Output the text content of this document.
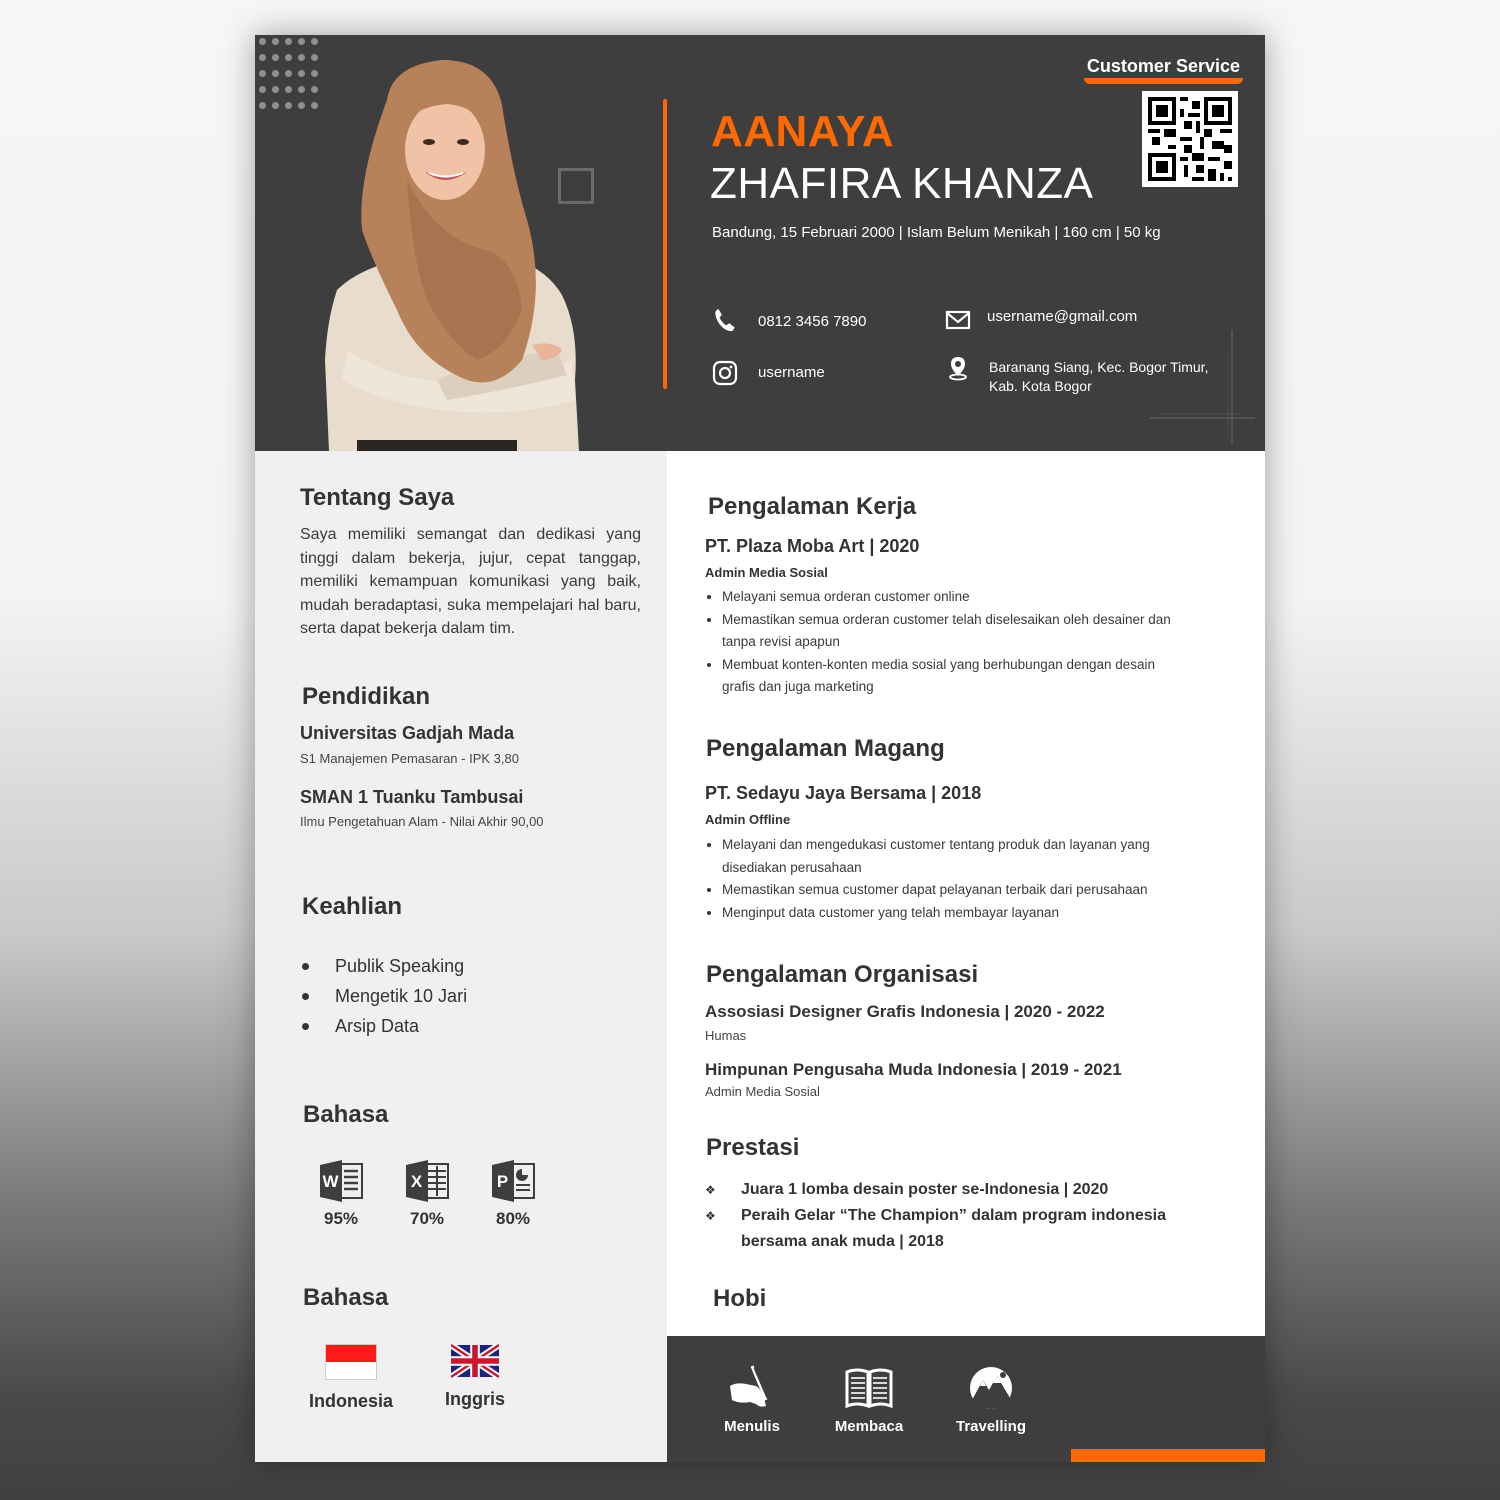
Customer Service
AANAYA
ZHAFIRA KHANZA
Bandung, 15 Februari 2000 | Islam Belum Menikah | 160 cm | 50 kg
0812 3456 7890	username@gmail.com
username	Baranang Siang, Kec. Bogor Timur,
Kab. Kota Bogor
Tentang Saya

Saya memiliki semangat dan dedikasi yang tinggi dalam bekerja, jujur, cepat tanggap, memiliki kemampuan komunikasi yang baik, mudah beradaptasi, suka mempelajari hal baru, serta dapat bekerja dalam tim.

Pendidikan
Universitas Gadjah Mada
S1 Manajemen Pemasaran - IPK 3,80
SMAN 1 Tuanku Tambusai
Ilmu Pengetahuan Alam - Nilai Akhir 90,00
Keahlian
Publik Speaking
Mengetik 10 Jari
Arsip Data
Bahasa
W
95%
X
70%
P
80%
Bahasa
Indonesia	Inggris
Pengalaman Kerja
PT. Plaza Moba Art | 2020
Admin Media Sosial
Melayani semua orderan customer online
Memastikan semua orderan customer telah diselesaikan oleh desainer dan tanpa revisi apapun
Membuat konten-konten media sosial yang berhubungan dengan desain grafis dan juga marketing
Pengalaman Magang
PT. Sedayu Jaya Bersama | 2018
Admin Offline
Melayani dan mengedukasi customer tentang produk dan layanan yang disediakan perusahaan
Memastikan semua customer dapat pelayanan terbaik dari perusahaan
Menginput data customer yang telah membayar layanan
Pengalaman Organisasi
Assosiasi Designer Grafis Indonesia | 2020 - 2022
Humas
Himpunan Pengusaha Muda Indonesia | 2019 - 2021
Admin Media Sosial
Prestasi
❖ Juara 1 lomba desain poster se-Indonesia | 2020
❖ Peraih Gelar “The Champion” dalam program indonesia bersama anak muda | 2018
Hobi
Menulis	Membaca	Travelling
